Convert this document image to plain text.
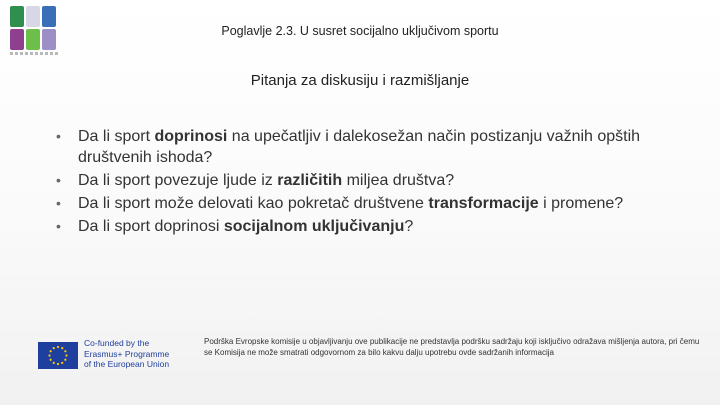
Poglavlje 2.3. U susret socijalno uključivom sportu
Pitanja za diskusiju i razmišljanje
• Da li sport doprinosi na upečatljiv i dalekosežan način postizanju važnih opštih društvenih ishoda?
• Da li sport povezuje ljude iz različitih miljea društva?
• Da li sport može delovati kao pokretač društvene transformacije i promene?
• Da li sport doprinosi socijalnom uključivanju?
Co-funded by the
Erasmus+ Programme
of the European Union
Podrška Evropske komisije u objavljivanju ove publikacije ne predstavlja podršku sadržaju koji isključivo odražava mišljenja autora, pri čemu se Komisija ne može smatrati odgovornom za bilo kakvu dalju upotrebu ovde sadržanih informacija
